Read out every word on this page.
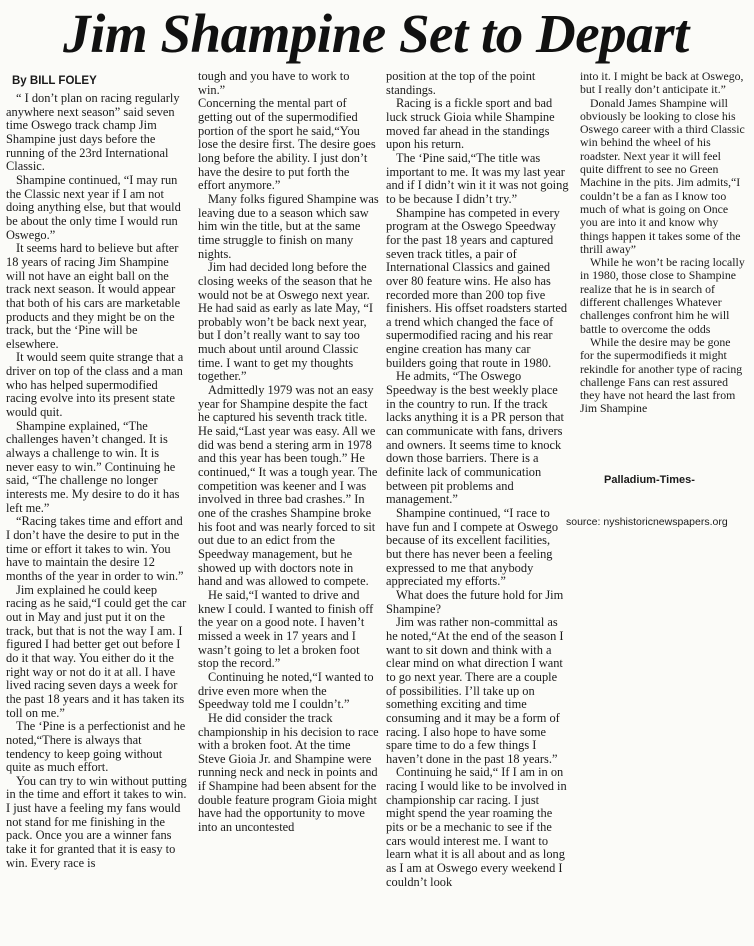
Jim Shampine Set to Depart

By BILL FOLEY

“ I don’t plan on racing regularly anywhere next season” said seven time Oswego track champ Jim Shampine just days before the running of the 23rd International Classic.

Shampine continued, “I may run the Classic next year if I am not doing anything else, but that would be about the only time I would run Oswego.”

It seems hard to believe but after 18 years of racing Jim Shampine will not have an eight ball on the track next season. It would appear that both of his cars are marketable products and they might be on the track, but the ‘Pine will be elsewhere.

It would seem quite strange that a driver on top of the class and a man who has helped supermodified racing evolve into its present state would quit.

Shampine explained, “The challenges haven’t changed. It is always a challenge to win. It is never easy to win.” Continuing he said, “The challenge no longer interests me. My desire to do it has left me.”

“Racing takes time and effort and I don’t have the desire to put in the time or effort it takes to win. You have to maintain the desire 12 months of the year in order to win.”

Jim explained he could keep racing as he said,“I could get the car out in May and just put it on the track, but that is not the way I am. I figured I had better get out before I do it that way. You either do it the right way or not do it at all. I have lived racing seven days a week for the past 18 years and it has taken its toll on me.”

The ‘Pine is a perfectionist and he noted,“There is always that tendency to keep going without quite as much effort.

You can try to win without putting in the time and effort it takes to win. I just have a feeling my fans would not stand for me finishing in the pack. Once you are a winner fans take it for granted that it is easy to win. Every race is

tough and you have to work to win.”

Concerning the mental part of getting out of the supermodified portion of the sport he said,“You lose the desire first. The desire goes long before the ability. I just don’t have the desire to put forth the effort anymore.”

Many folks figured Shampine was leaving due to a season which saw him win the title, but at the same time struggle to finish on many nights.

Jim had decided long before the closing weeks of the season that he would not be at Oswego next year. He had said as early as late May, “I probably won’t be back next year, but I don’t really want to say too much about until around Classic time. I want to get my thoughts together.”

Admittedly 1979 was not an easy year for Shampine despite the fact he captured his seventh track title. He said,“Last year was easy. All we did was bend a stering arm in 1978 and this year has been tough.” He continued,“ It was a tough year. The competition was keener and I was involved in three bad crashes.” In one of the crashes Shampine broke his foot and was nearly forced to sit out due to an edict from the Speedway management, but he showed up with doctors note in hand and was allowed to compete.

He said,“I wanted to drive and knew I could. I wanted to finish off the year on a good note. I haven’t missed a week in 17 years and I wasn’t going to let a broken foot stop the record.”

Continuing he noted,“I wanted to drive even more when the Speedway told me I couldn’t.”

He did consider the track championship in his decision to race with a broken foot. At the time Steve Gioia Jr. and Shampine were running neck and neck in points and if Shampine had been absent for the double feature program Gioia might have had the opportunity to move into an uncontested

position at the top of the point standings.

Racing is a fickle sport and bad luck struck Gioia while Shampine moved far ahead in the standings upon his return.

The ‘Pine said,“The title was important to me. It was my last year and if I didn’t win it it was not going to be because I didn’t try.”

Shampine has competed in every program at the Oswego Speedway for the past 18 years and captured seven track titles, a pair of International Classics and gained over 80 feature wins. He also has recorded more than 200 top five finishers. His offset roadsters started a trend which changed the face of supermodified racing and his rear engine creation has many car builders going that route in 1980.

He admits, “The Oswego Speedway is the best weekly place in the country to run. If the track lacks anything it is a PR person that can communicate with fans, drivers and owners. It seems time to knock down those barriers. There is a definite lack of communication between pit problems and management.”

Shampine continued, “I race to have fun and I compete at Oswego because of its excellent facilities, but there has never been a feeling expressed to me that anybody appreciated my efforts.”

What does the future hold for Jim Shampine?

Jim was rather non-committal as he noted,“At the end of the season I want to sit down and think with a clear mind on what direction I want to go next year. There are a couple of possibilities. I’ll take up on something exciting and time consuming and it may be a form of racing. I also hope to have some spare time to do a few things I haven’t done in the past 18 years.”

Continuing he said,“ If I am in on racing I would like to be involved in championship car racing. I just might spend the year roaming the pits or be a mechanic to see if the cars would interest me. I want to learn what it is all about and as long as I am at Oswego every weekend I couldn’t look

into it. I might be back at Oswego, but I really don’t anticipate it.”

Donald James Shampine will obviously be looking to close his Oswego career with a third Classic win behind the wheel of his roadster. Next year it will feel quite diffrent to see no Green Machine in the pits. Jim admits,“I couldn’t be a fan as I know too much of what is going on Once you are into it and know why things happen it takes some of the thrill away”

While he won’t be racing locally in 1980, those close to Shampine realize that he is in search of different challenges Whatever challenges confront him he will battle to overcome the odds

While the desire may be gone for the supermodifieds it might rekindle for another type of racing challenge Fans can rest assured they have not heard the last from Jim Shampine

Palladium-Times-
source: nyshistoricnewspapers.org
